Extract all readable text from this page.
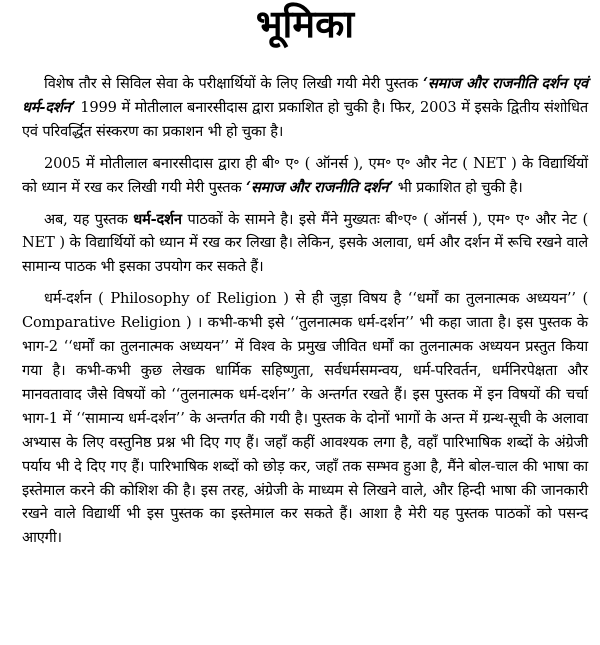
भूमिका

विशेष तौर से सिविल सेवा के परीक्षार्थियों के लिए लिखी गयी मेरी पुस्तक ‘समाज और राजनीति दर्शन एवं धर्म-दर्शन’ 1999 में मोतीलाल बनारसीदास द्वारा प्रकाशित हो चुकी है। फिर, 2003 में इसके द्वितीय संशोधित एवं परिवर्द्धित संस्करण का प्रकाशन भी हो चुका है।

2005 में मोतीलाल बनारसीदास द्वारा ही बी॰ ए॰ ( ऑनर्स ), एम॰ ए॰ और नेट ( NET ) के विद्यार्थियों को ध्यान में रख कर लिखी गयी मेरी पुस्तक ‘समाज और राजनीति दर्शन’ भी प्रकाशित हो चुकी है।

अब, यह पुस्तक धर्म-दर्शन पाठकों के सामने है। इसे मैंने मुख्यतः बी॰ए॰ ( ऑनर्स ), एम॰ ए॰ और नेट ( NET ) के विद्यार्थियों को ध्यान में रख कर लिखा है। लेकिन, इसके अलावा, धर्म और दर्शन में रूचि रखने वाले सामान्य पाठक भी इसका उपयोग कर सकते हैं।

धर्म-दर्शन ( Philosophy of Religion ) से ही जुड़ा विषय है ‘‘धर्मों का तुलनात्मक अध्ययन’’ ( Comparative Religion ) । कभी-कभी इसे ‘‘तुलनात्मक धर्म-दर्शन’’ भी कहा जाता है। इस पुस्तक के भाग-2 ‘‘धर्मों का तुलनात्मक अध्ययन’’ में विश्व के प्रमुख जीवित धर्मों का तुलनात्मक अध्ययन प्रस्तुत किया गया है। कभी-कभी कुछ लेखक धार्मिक सहिष्णुता, सर्वधर्मसमन्वय, धर्म-परिवर्तन, धर्मनिरपेक्षता और मानवतावाद जैसे विषयों को ‘‘तुलनात्मक धर्म-दर्शन’’ के अन्तर्गत रखते हैं। इस पुस्तक में इन विषयों की चर्चा भाग-1 में ‘‘सामान्य धर्म-दर्शन’’ के अन्तर्गत की गयी है। पुस्तक के दोनों भागों के अन्त में ग्रन्थ-सूची के अलावा अभ्यास के लिए वस्तुनिष्ठ प्रश्न भी दिए गए हैं। जहाँ कहीं आवश्यक लगा है, वहाँ पारिभाषिक शब्दों के अंग्रेजी पर्याय भी दे दिए गए हैं। पारिभाषिक शब्दों को छोड़ कर, जहाँ तक सम्भव हुआ है, मैंने बोल-चाल की भाषा का इस्तेमाल करने की कोशिश की है। इस तरह, अंग्रेजी के माध्यम से लिखने वाले, और हिन्दी भाषा की जानकारी रखने वाले विद्यार्थी भी इस पुस्तक का इस्तेमाल कर सकते हैं। आशा है मेरी यह पुस्तक पाठकों को पसन्द आएगी।
